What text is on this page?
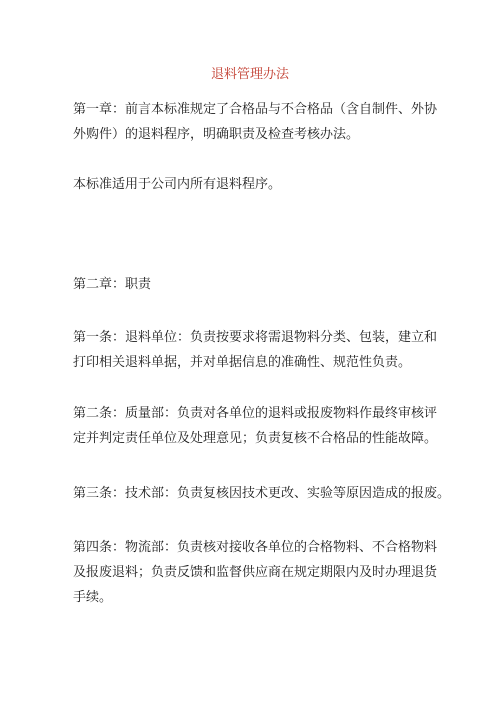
退料管理办法

第一章：前言本标准规定了合格品与不合格品（含自制件、外协
外购件）的退料程序，明确职责及检查考核办法。

本标准适用于公司内所有退料程序。

第二章：职责

第一条：退料单位：负责按要求将需退物料分类、包装，建立和
打印相关退料单据，并对单据信息的准确性、规范性负责。

第二条：质量部：负责对各单位的退料或报废物料作最终审核评
定并判定责任单位及处理意见；负责复核不合格品的性能故障。

第三条：技术部：负责复核因技术更改、实验等原因造成的报废。

第四条：物流部：负责核对接收各单位的合格物料、不合格物料
及报废退料；负责反馈和监督供应商在规定期限内及时办理退货
手续。
